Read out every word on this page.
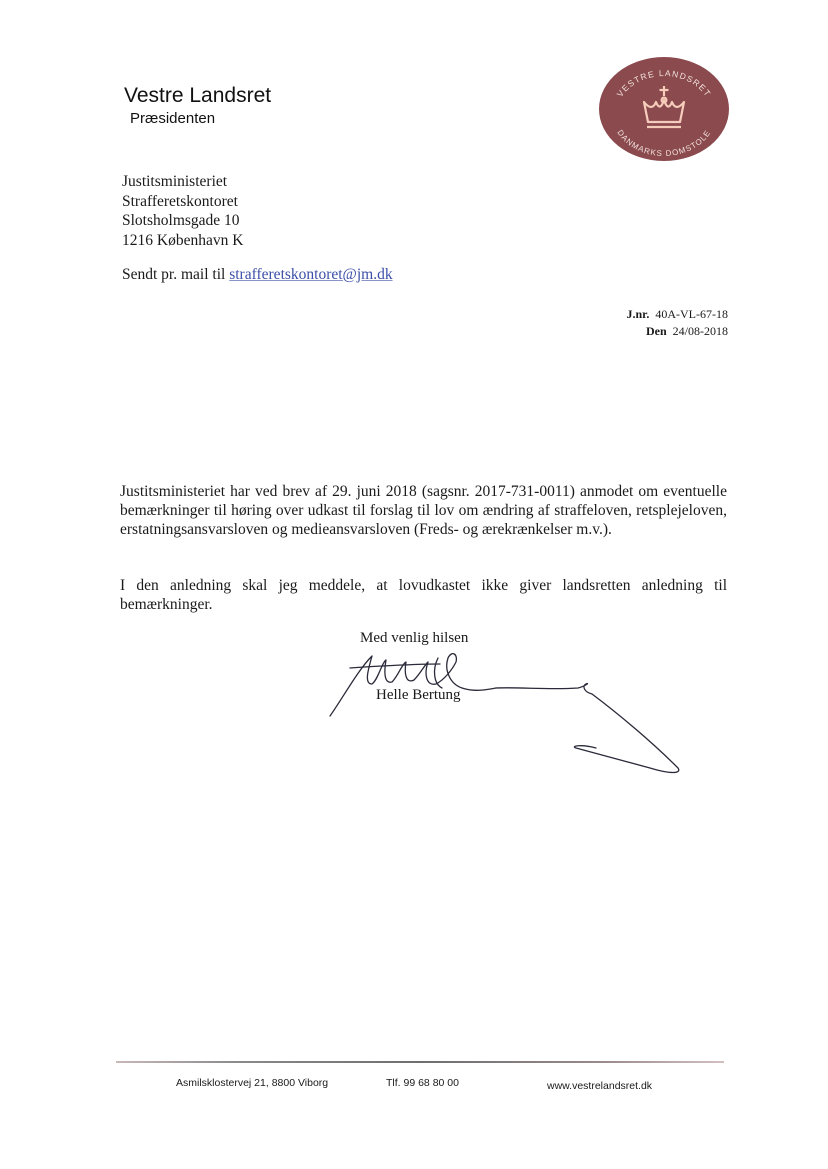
Vestre Landsret
Præsidenten
VESTRE LANDSRET
DANMARKS DOMSTOLE
Justitsministeriet
Strafferetskontoret
Slotsholmsgade 10
1216 København K
Sendt pr. mail til strafferetskontoret@jm.dk
J.nr. 40A-VL-67-18
Den 24/08-2018

Justitsministeriet har ved brev af 29. juni 2018 (sagsnr. 2017-731-0011) anmodet om eventuelle bemærkninger til høring over udkast til forslag til lov om ændring af straffeloven, retsplejeloven, erstatningsansvarsloven og medieansvarsloven (Freds- og ærekrænkelser m.v.).

I den anledning skal jeg meddele, at lovudkastet ikke giver landsretten anledning til bemærkninger.

Med venlig hilsen
Helle Bertung
Asmilsklostervej 21, 8800 Viborg	Tlf. 99 68 80 00	www.vestrelandsret.dk
